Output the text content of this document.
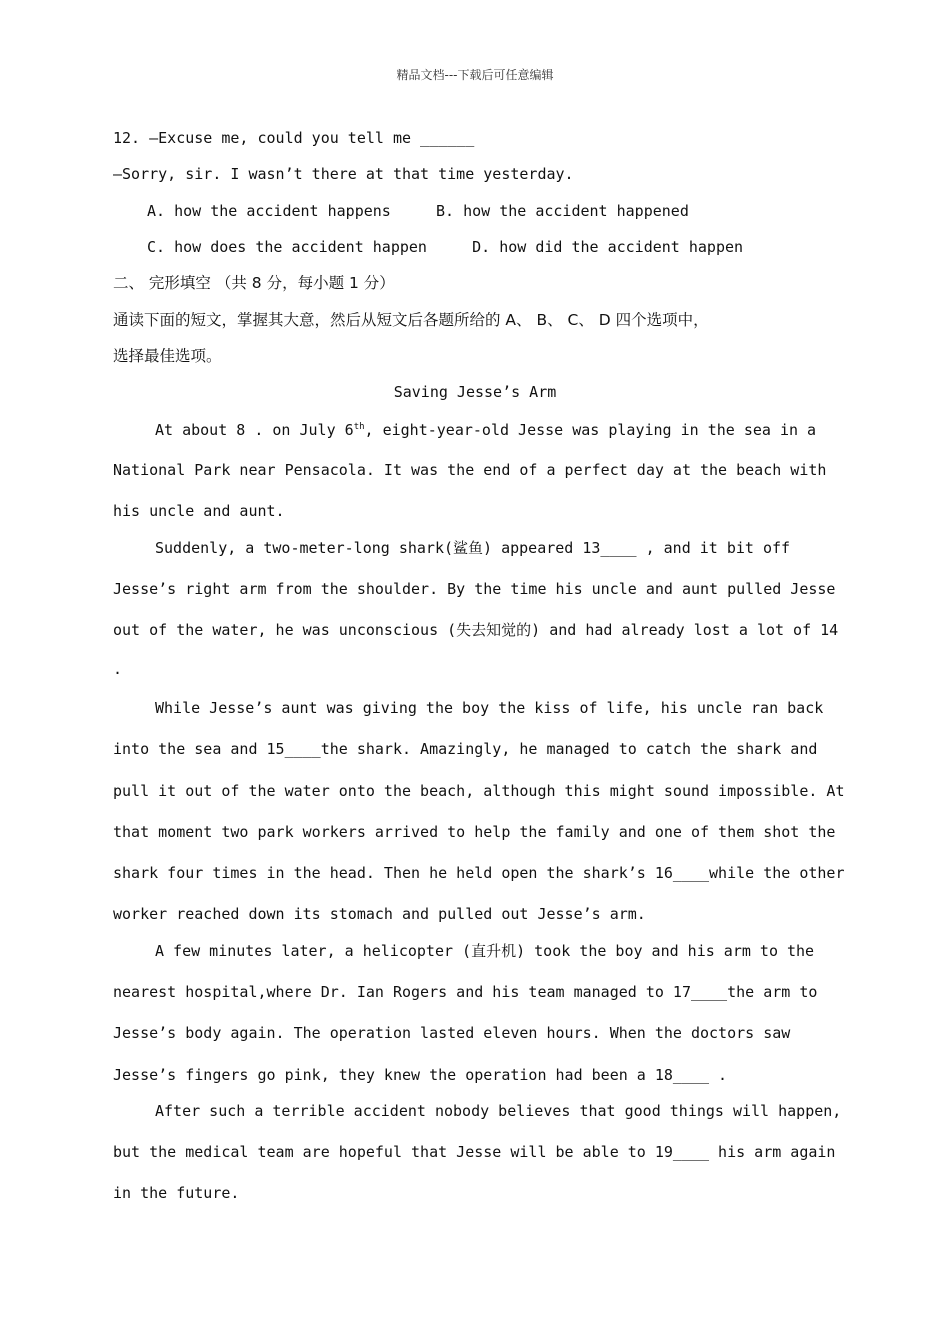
精品文档---下载后可任意编辑
12. —Excuse me, could you tell me ______
—Sorry, sir. I wasn’t there at that time yesterday.
A. how the accident happens     B. how the accident happened
C. how does the accident happen     D. how did the accident happen
二、 完形填空 （共 8 分，每小题 1 分）
通读下面的短文，掌握其大意，然后从短文后各题所给的 A、 B、 C、 D 四个选项中，
选择最佳选项。
Saving Jesse’s Arm
At about 8 . on July 6th, eight-year-old Jesse was playing in the sea in a
National Park near Pensacola. It was the end of a perfect day at the beach with
his uncle and aunt.
Suddenly, a two-meter-long shark(鲨鱼) appeared 13____ , and it bit off
Jesse’s right arm from the shoulder. By the time his uncle and aunt pulled Jesse
out of the water, he was unconscious (失去知觉的) and had already lost a lot of 14
.
While Jesse’s aunt was giving the boy the kiss of life, his uncle ran back
into the sea and 15____the shark. Amazingly, he managed to catch the shark and
pull it out of the water onto the beach, although this might sound impossible. At
that moment two park workers arrived to help the family and one of them shot the
shark four times in the head. Then he held open the shark’s 16____while the other
worker reached down its stomach and pulled out Jesse’s arm.
A few minutes later, a helicopter (直升机) took the boy and his arm to the
nearest hospital,where Dr. Ian Rogers and his team managed to 17____the arm to
Jesse’s body again. The operation lasted eleven hours. When the doctors saw
Jesse’s fingers go pink, they knew the operation had been a 18____ .
After such a terrible accident nobody believes that good things will happen,
but the medical team are hopeful that Jesse will be able to 19____ his arm again
in the future.
